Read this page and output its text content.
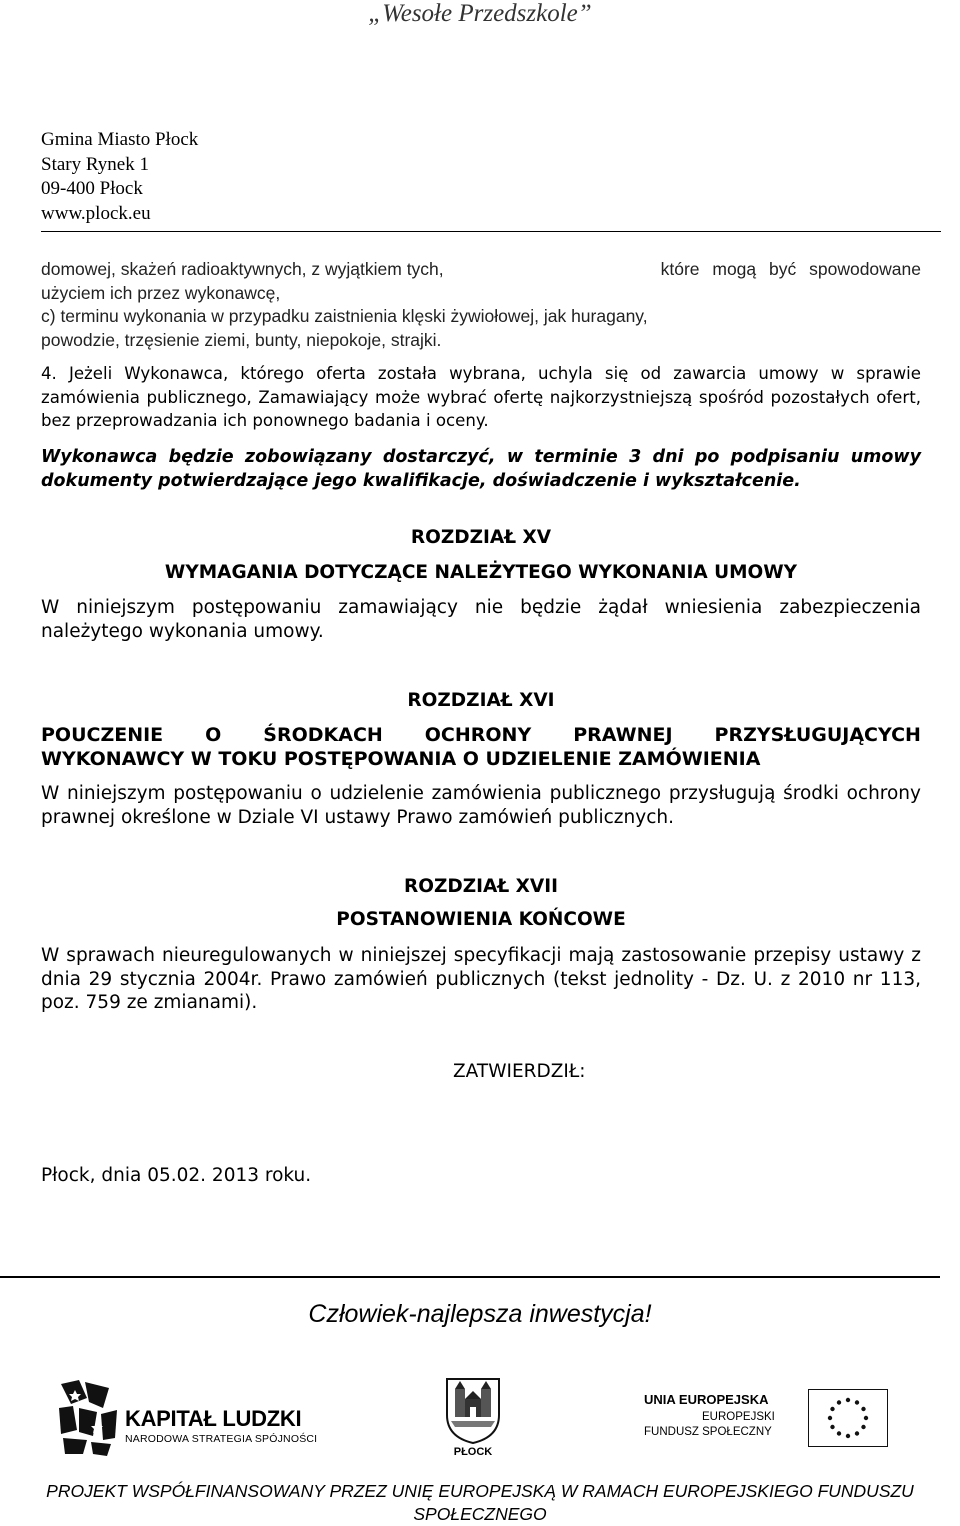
„Wesołe Przedszkole”
Gmina Miasto Płock
Stary Rynek 1
09-400 Płock
www.plock.eu
domowej, skażeń radioaktywnych, z wyjątkiem tych,	które mogą być spowodowane
użyciem ich przez wykonawcę,
c) terminu wykonania w przypadku zaistnienia klęski żywiołowej, jak huragany,
powodzie, trzęsienie ziemi, bunty, niepokoje, strajki.
4. Jeżeli Wykonawca, którego oferta została wybrana, uchyla się od zawarcia umowy w sprawie zamówienia publicznego, Zamawiający może wybrać ofertę najkorzystniejszą spośród pozostałych ofert, bez przeprowadzania ich ponownego badania i oceny.
Wykonawca będzie zobowiązany dostarczyć, w terminie 3 dni po podpisaniu umowy dokumenty potwierdzające jego kwalifikacje, doświadczenie i wykształcenie.
ROZDZIAŁ XV
WYMAGANIA DOTYCZĄCE NALEŻYTEGO WYKONANIA UMOWY
W niniejszym postępowaniu zamawiający nie będzie żądał wniesienia zabezpieczenia należytego wykonania umowy.
ROZDZIAŁ XVI
POUCZENIE O ŚRODKACH OCHRONY PRAWNEJ PRZYSŁUGUJĄCYCH
WYKONAWCY W TOKU POSTĘPOWANIA O UDZIELENIE ZAMÓWIENIA
W niniejszym postępowaniu o udzielenie zamówienia publicznego przysługują środki ochrony prawnej określone w Dziale VI ustawy Prawo zamówień publicznych.
ROZDZIAŁ XVII
POSTANOWIENIA KOŃCOWE
W sprawach nieuregulowanych w niniejszej specyfikacji mają zastosowanie przepisy ustawy z dnia 29 stycznia 2004r. Prawo zamówień publicznych (tekst jednolity - Dz. U. z 2010 nr 113, poz. 759 ze zmianami).
ZATWIERDZIŁ:
Płock, dnia 05.02. 2013 roku.
Człowiek-najlepsza inwestycja!
KAPITAŁ LUDZKI
NARODOWA STRATEGIA SPÓJNOŚCI
PŁOCK
UNIA EUROPEJSKA
EUROPEJSKI
FUNDUSZ SPOŁECZNY
PROJEKT WSPÓŁFINANSOWANY PRZEZ UNIĘ EUROPEJSKĄ W RAMACH EUROPEJSKIEGO FUNDUSZU
SPOŁECZNEGO
